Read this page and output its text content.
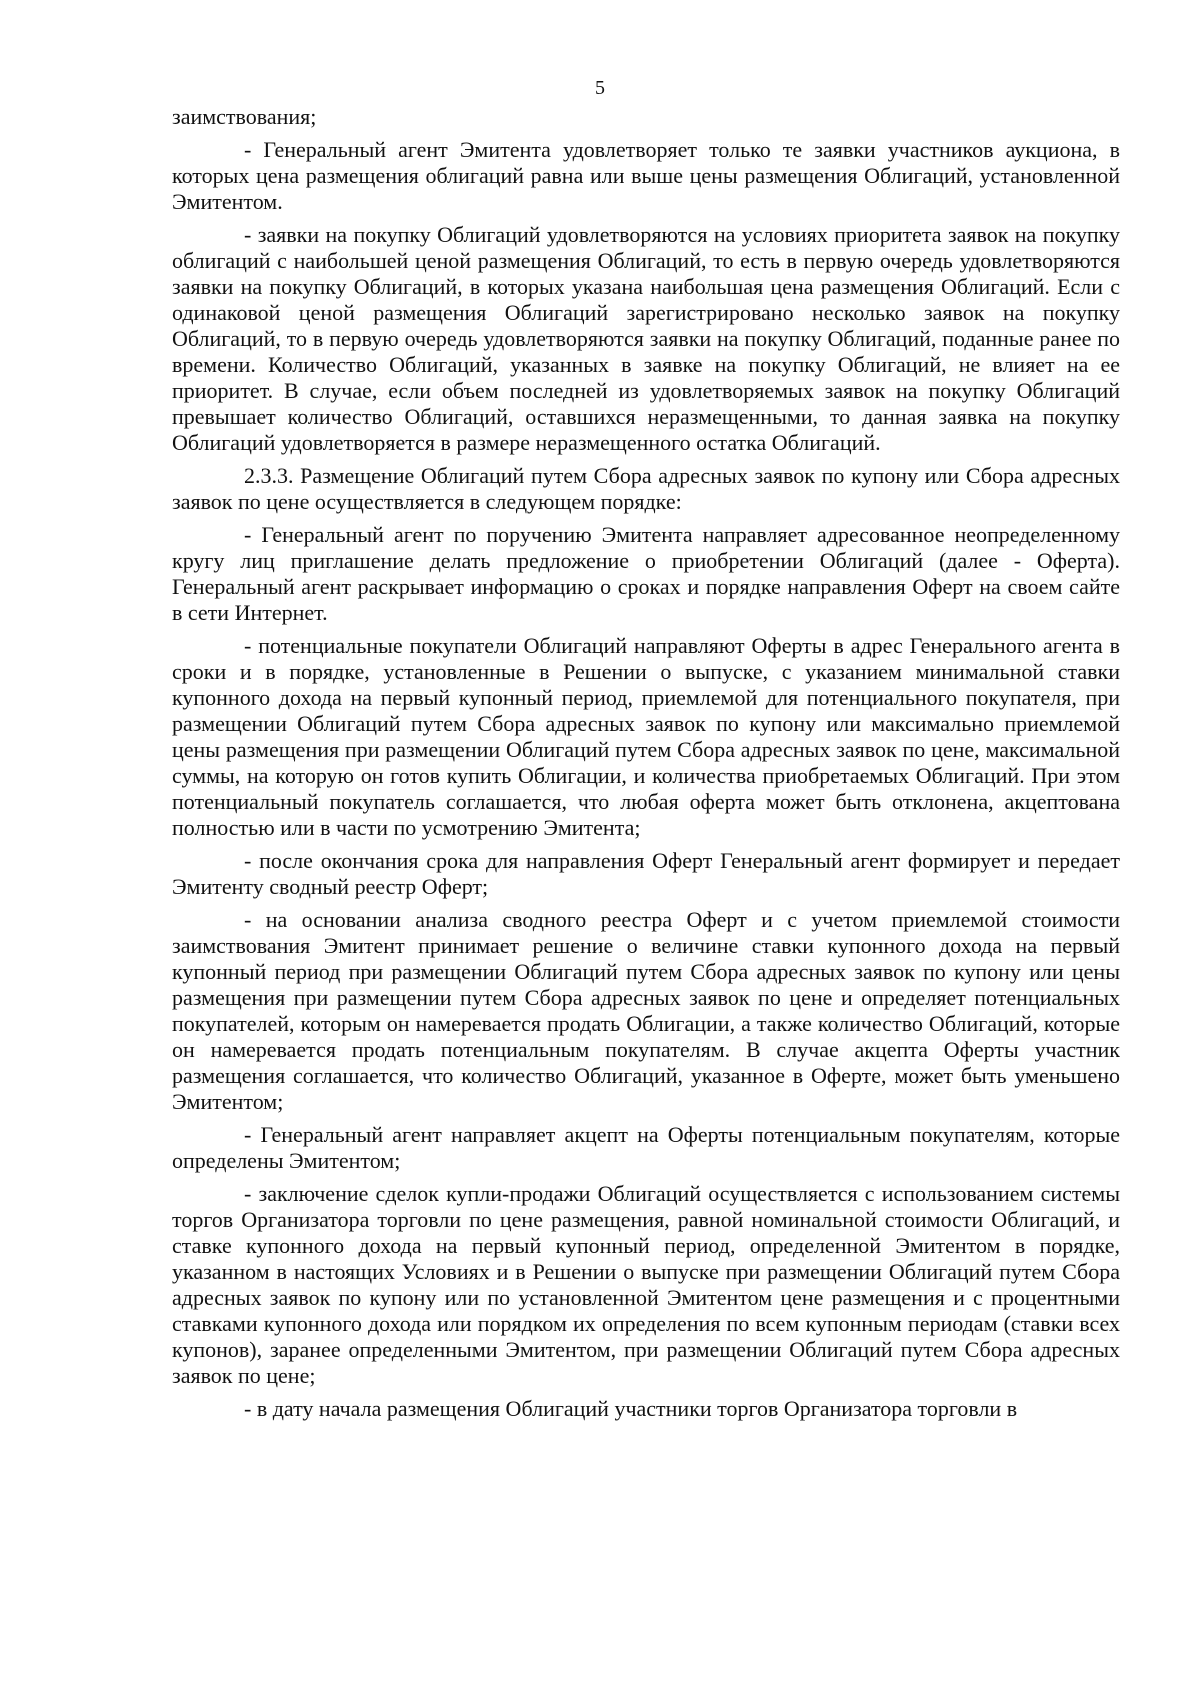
5

заимствования;

- Генеральный агент Эмитента удовлетворяет только те заявки участников аукциона, в которых цена размещения облигаций равна или выше цены размещения Облигаций, установленной Эмитентом.

- заявки на покупку Облигаций удовлетворяются на условиях приоритета заявок на покупку облигаций с наибольшей ценой размещения Облигаций, то есть в первую очередь удовлетворяются заявки на покупку Облигаций, в которых указана наибольшая цена размещения Облигаций. Если с одинаковой ценой размещения Облигаций зарегистрировано несколько заявок на покупку Облигаций, то в первую очередь удовлетворяются заявки на покупку Облигаций, поданные ранее по времени. Количество Облигаций, указанных в заявке на покупку Облигаций, не влияет на ее приоритет. В случае, если объем последней из удовлетворяемых заявок на покупку Облигаций превышает количество Облигаций, оставшихся неразмещенными, то данная заявка на покупку Облигаций удовлетворяется в размере неразмещенного остатка Облигаций.

2.3.3. Размещение Облигаций путем Сбора адресных заявок по купону или Сбора адресных заявок по цене осуществляется в следующем порядке:

- Генеральный агент по поручению Эмитента направляет адресованное неопределенному кругу лиц приглашение делать предложение о приобретении Облигаций (далее - Оферта). Генеральный агент раскрывает информацию о сроках и порядке направления Оферт на своем сайте в сети Интернет.

- потенциальные покупатели Облигаций направляют Оферты в адрес Генерального агента в сроки и в порядке, установленные в Решении о выпуске, с указанием минимальной ставки купонного дохода на первый купонный период, приемлемой для потенциального покупателя, при размещении Облигаций путем Сбора адресных заявок по купону или максимально приемлемой цены размещения при размещении Облигаций путем Сбора адресных заявок по цене, максимальной суммы, на которую он готов купить Облигации, и количества приобретаемых Облигаций. При этом потенциальный покупатель соглашается, что любая оферта может быть отклонена, акцептована полностью или в части по усмотрению Эмитента;

- после окончания срока для направления Оферт Генеральный агент формирует и передает Эмитенту сводный реестр Оферт;

- на основании анализа сводного реестра Оферт и с учетом приемлемой стоимости заимствования Эмитент принимает решение о величине ставки купонного дохода на первый купонный период при размещении Облигаций путем Сбора адресных заявок по купону или цены размещения при размещении путем Сбора адресных заявок по цене и определяет потенциальных покупателей, которым он намеревается продать Облигации, а также количество Облигаций, которые он намеревается продать потенциальным покупателям. В случае акцепта Оферты участник размещения соглашается, что количество Облигаций, указанное в Оферте, может быть уменьшено Эмитентом;

- Генеральный агент направляет акцепт на Оферты потенциальным покупателям, которые определены Эмитентом;

- заключение сделок купли-продажи Облигаций осуществляется с использованием системы торгов Организатора торговли по цене размещения, равной номинальной стоимости Облигаций, и ставке купонного дохода на первый купонный период, определенной Эмитентом в порядке, указанном в настоящих Условиях и в Решении о выпуске при размещении Облигаций путем Сбора адресных заявок по купону или по установленной Эмитентом цене размещения и с процентными ставками купонного дохода или порядком их определения по всем купонным периодам (ставки всех купонов), заранее определенными Эмитентом, при размещении Облигаций путем Сбора адресных заявок по цене;

- в дату начала размещения Облигаций участники торгов Организатора торговли в
